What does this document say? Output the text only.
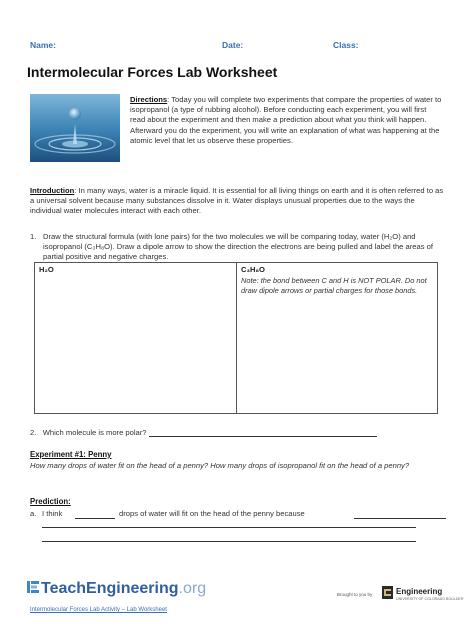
Name:	Date:	Class:
Intermolecular Forces Lab Worksheet
Directions: Today you will complete two experiments that compare the properties of water to isopropanol (a type of rubbing alcohol). Before conducting each experiment, you will first read about the experiment and then make a prediction about what you think will happen. Afterward you do the experiment, you will write an explanation of what was happening at the atomic level that let us observe these properties.
Introduction: In many ways, water is a miracle liquid. It is essential for all living things on earth and it is often referred to as a universal solvent because many substances dissolve in it. Water displays unusual properties due to the ways the individual water molecules interact with each other.
1. Draw the structural formula (with lone pairs) for the two molecules we will be comparing today, water (H₂O) and isopropanol (C₃H₈O). Draw a dipole arrow to show the direction the electrons are being pulled and label the areas of partial positive and negative charges.
H₂O	C₃H₈O
Note: the bond between C and H is NOT POLAR. Do not draw dipole arrows or partial charges for those bonds.
2. Which molecule is more polar?
Experiment #1: Penny
How many drops of water fit on the head of a penny? How many drops of isopropanol fit on the head of a penny?
Prediction:
a. I think	drops of water will fit on the head of the penny because
TeachEngineering.org	Brought to you by	Engineering
UNIVERSITY OF COLORADO BOULDER
Intermolecular Forces Lab Activity – Lab Worksheet
